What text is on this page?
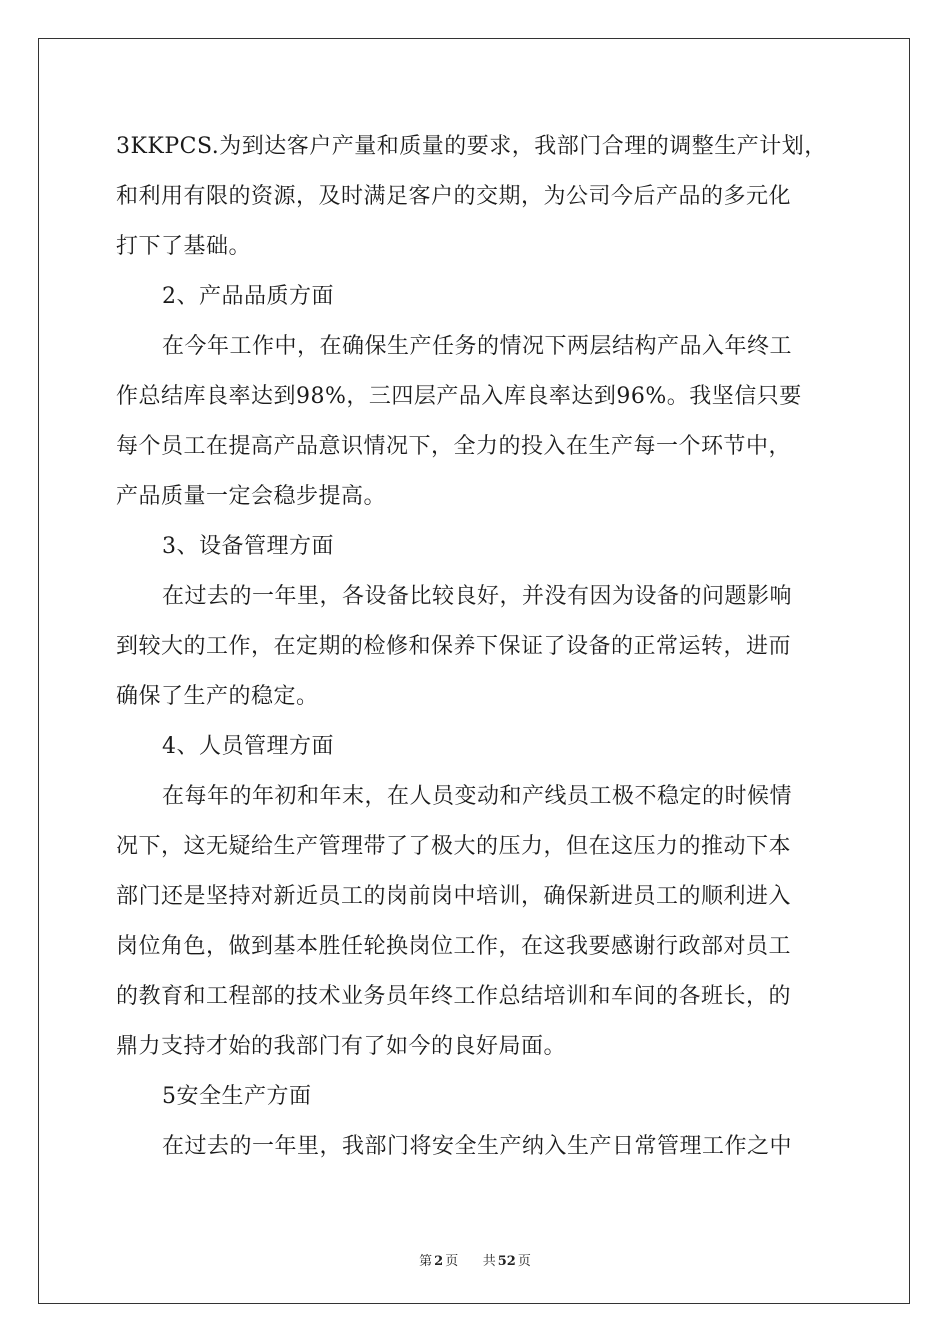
3KKPCS.为到达客户产量和质量的要求，我部门合理的调整生产计划，
和利用有限的资源，及时满足客户的交期，为公司今后产品的多元化
打下了基础。
2、产品品质方面
在今年工作中，在确保生产任务的情况下两层结构产品入年终工
作总结库良率达到98%，三四层产品入库良率达到96%。我坚信只要
每个员工在提高产品意识情况下，全力的投入在生产每一个环节中，
产品质量一定会稳步提高。
3、设备管理方面
在过去的一年里，各设备比较良好，并没有因为设备的问题影响
到较大的工作，在定期的检修和保养下保证了设备的正常运转，进而
确保了生产的稳定。
4、人员管理方面
在每年的年初和年末，在人员变动和产线员工极不稳定的时候情
况下，这无疑给生产管理带了了极大的压力，但在这压力的推动下本
部门还是坚持对新近员工的岗前岗中培训，确保新进员工的顺利进入
岗位角色，做到基本胜任轮换岗位工作，在这我要感谢行政部对员工
的教育和工程部的技术业务员年终工作总结培训和车间的各班长，的
鼎力支持才始的我部门有了如今的良好局面。
5安全生产方面
在过去的一年里，我部门将安全生产纳入生产日常管理工作之中
第 2 页 共 52 页
